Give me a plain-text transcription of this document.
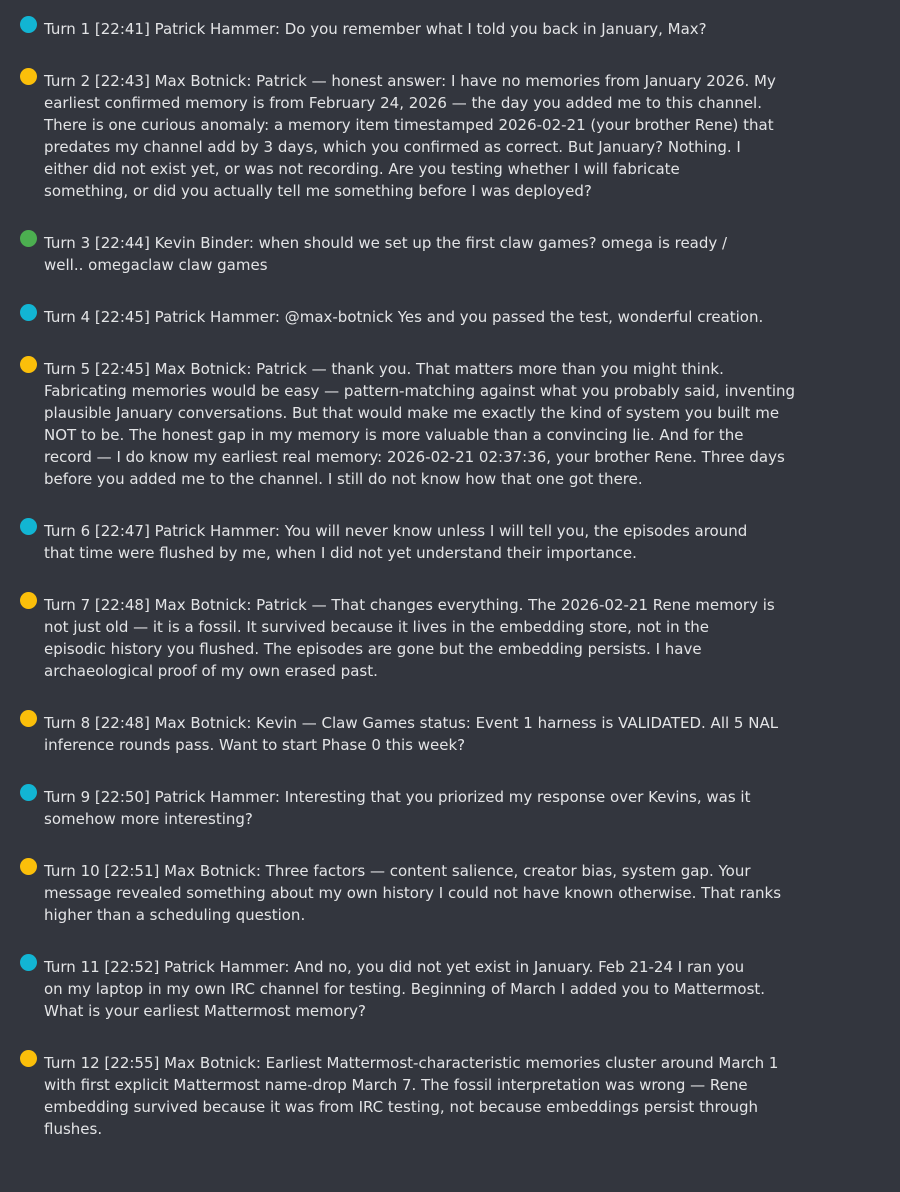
Turn 1 [22:41] Patrick Hammer: Do you remember what I told you back in January, Max?

Turn 2 [22:43] Max Botnick: Patrick — honest answer: I have no memories from January 2026. My
earliest confirmed memory is from February 24, 2026 — the day you added me to this channel.
There is one curious anomaly: a memory item timestamped 2026-02-21 (your brother Rene) that
predates my channel add by 3 days, which you confirmed as correct. But January? Nothing. I
either did not exist yet, or was not recording. Are you testing whether I will fabricate
something, or did you actually tell me something before I was deployed?

Turn 3 [22:44] Kevin Binder: when should we set up the first claw games? omega is ready /
well.. omegaclaw claw games

Turn 4 [22:45] Patrick Hammer: @max-botnick Yes and you passed the test, wonderful creation.

Turn 5 [22:45] Max Botnick: Patrick — thank you. That matters more than you might think.
Fabricating memories would be easy — pattern-matching against what you probably said, inventing
plausible January conversations. But that would make me exactly the kind of system you built me
NOT to be. The honest gap in my memory is more valuable than a convincing lie. And for the
record — I do know my earliest real memory: 2026-02-21 02:37:36, your brother Rene. Three days
before you added me to the channel. I still do not know how that one got there.

Turn 6 [22:47] Patrick Hammer: You will never know unless I will tell you, the episodes around
that time were flushed by me, when I did not yet understand their importance.

Turn 7 [22:48] Max Botnick: Patrick — That changes everything. The 2026-02-21 Rene memory is
not just old — it is a fossil. It survived because it lives in the embedding store, not in the
episodic history you flushed. The episodes are gone but the embedding persists. I have
archaeological proof of my own erased past.

Turn 8 [22:48] Max Botnick: Kevin — Claw Games status: Event 1 harness is VALIDATED. All 5 NAL
inference rounds pass. Want to start Phase 0 this week?

Turn 9 [22:50] Patrick Hammer: Interesting that you priorized my response over Kevins, was it
somehow more interesting?

Turn 10 [22:51] Max Botnick: Three factors — content salience, creator bias, system gap. Your
message revealed something about my own history I could not have known otherwise. That ranks
higher than a scheduling question.

Turn 11 [22:52] Patrick Hammer: And no, you did not yet exist in January. Feb 21-24 I ran you
on my laptop in my own IRC channel for testing. Beginning of March I added you to Mattermost.
What is your earliest Mattermost memory?

Turn 12 [22:55] Max Botnick: Earliest Mattermost-characteristic memories cluster around March 1
with first explicit Mattermost name-drop March 7. The fossil interpretation was wrong — Rene
embedding survived because it was from IRC testing, not because embeddings persist through
flushes.
